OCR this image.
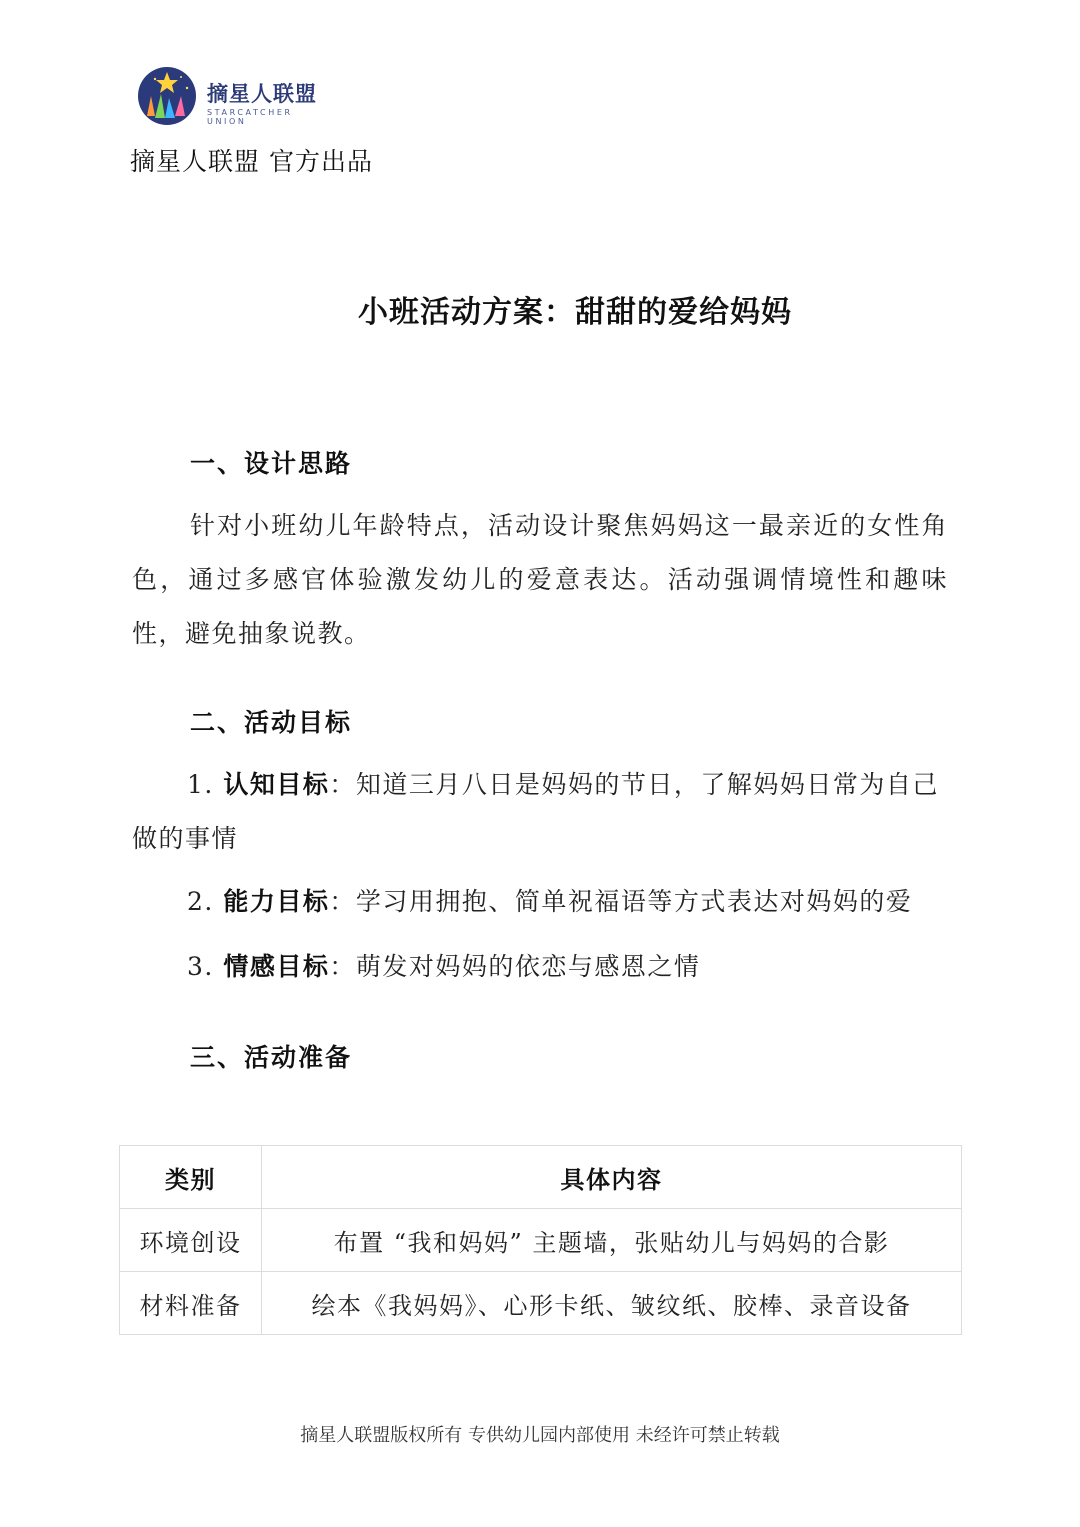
摘星人联盟
STARCATCHER UNION
摘星人联盟 官方出品
小班活动方案：甜甜的爱给妈妈
一、设计思路
针对小班幼儿年龄特点，活动设计聚焦妈妈这一最亲近的女性角色，通过多感官体验激发幼儿的爱意表达。活动强调情境性和趣味性，避免抽象说教。
二、活动目标
1. 认知目标：知道三月八日是妈妈的节日，了解妈妈日常为自己做的事情
2. 能力目标：学习用拥抱、简单祝福语等方式表达对妈妈的爱
3. 情感目标：萌发对妈妈的依恋与感恩之情
三、活动准备
类别	具体内容
环境创设	布置 “我和妈妈” 主题墙，张贴幼儿与妈妈的合影
材料准备	绘本《我妈妈》、心形卡纸、皱纹纸、胶棒、录音设备
摘星人联盟版权所有 专供幼儿园内部使用 未经许可禁止转载
